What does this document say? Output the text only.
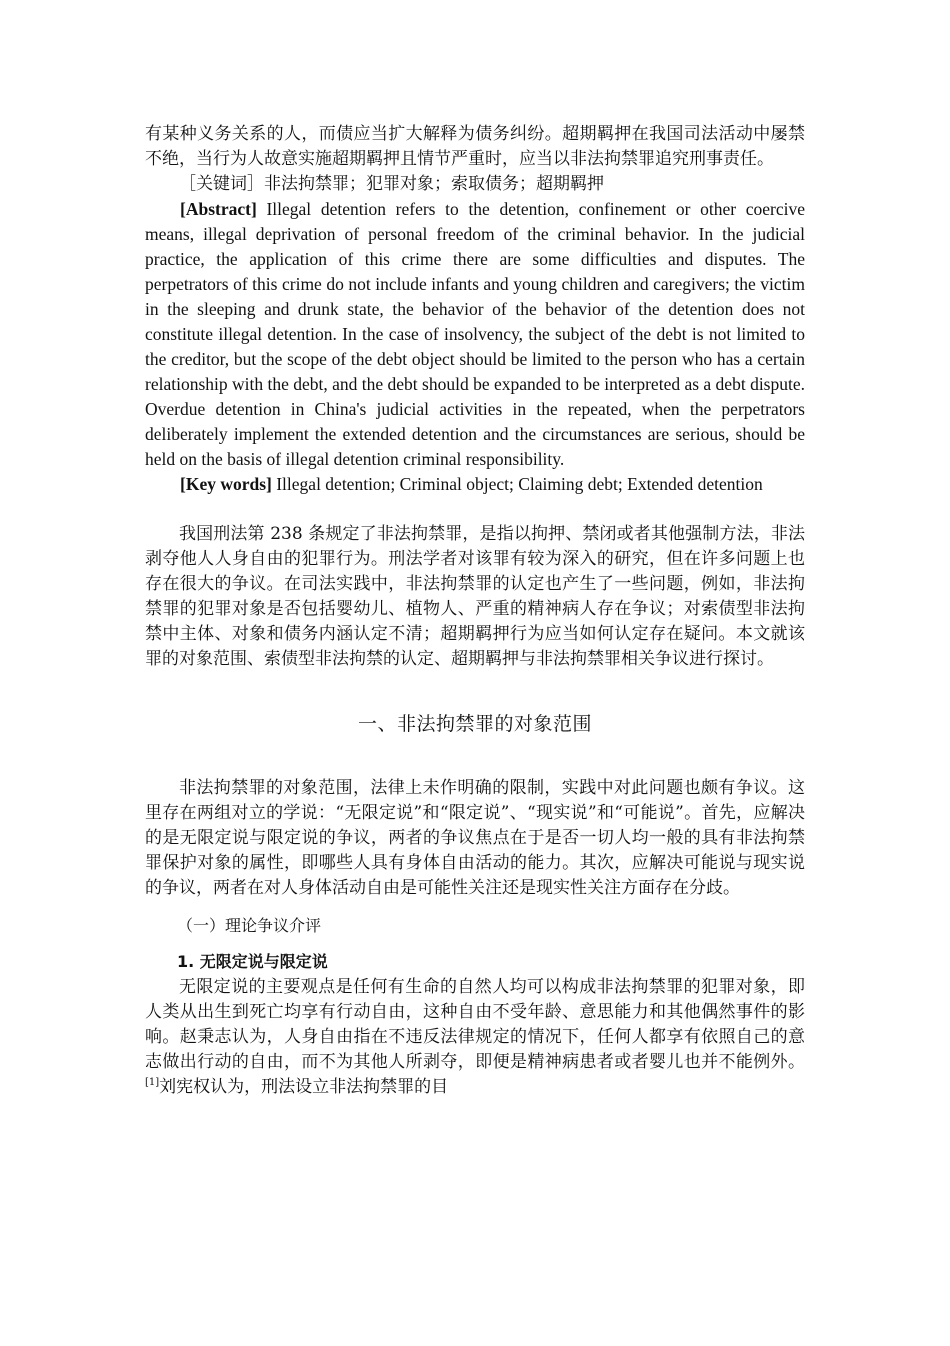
有某种义务关系的人，而债应当扩大解释为债务纠纷。超期羁押在我国司法活动中屡禁不绝，当行为人故意实施超期羁押且情节严重时，应当以非法拘禁罪追究刑事责任。

［关键词］非法拘禁罪；犯罪对象；索取债务；超期羁押

[Abstract] Illegal detention refers to the detention, confinement or other coercive means, illegal deprivation of personal freedom of the criminal behavior. In the judicial practice, the application of this crime there are some difficulties and disputes. The perpetrators of this crime do not include infants and young children and caregivers; the victim in the sleeping and drunk state, the behavior of the behavior of the detention does not constitute illegal detention. In the case of insolvency, the subject of the debt is not limited to the creditor, but the scope of the debt object should be limited to the person who has a certain relationship with the debt, and the debt should be expanded to be interpreted as a debt dispute. Overdue detention in China's judicial activities in the repeated, when the perpetrators deliberately implement the extended detention and the circumstances are serious, should be held on the basis of illegal detention criminal responsibility.

[Key words] Illegal detention; Criminal object; Claiming debt; Extended detention

我国刑法第 238 条规定了非法拘禁罪，是指以拘押、禁闭或者其他强制方法，非法剥夺他人人身自由的犯罪行为。刑法学者对该罪有较为深入的研究，但在许多问题上也存在很大的争议。在司法实践中，非法拘禁罪的认定也产生了一些问题，例如，非法拘禁罪的犯罪对象是否包括婴幼儿、植物人、严重的精神病人存在争议；对索债型非法拘禁中主体、对象和债务内涵认定不清；超期羁押行为应当如何认定存在疑问。本文就该罪的对象范围、索债型非法拘禁的认定、超期羁押与非法拘禁罪相关争议进行探讨。

一、非法拘禁罪的对象范围

非法拘禁罪的对象范围，法律上未作明确的限制，实践中对此问题也颇有争议。这里存在两组对立的学说：“无限定说”和“限定说”、“现实说”和“可能说”。首先，应解决的是无限定说与限定说的争议，两者的争议焦点在于是否一切人均一般的具有非法拘禁罪保护对象的属性，即哪些人具有身体自由活动的能力。其次，应解决可能说与现实说的争议，两者在对人身体活动自由是可能性关注还是现实性关注方面存在分歧。

（一）理论争议介评
1. 无限定说与限定说

无限定说的主要观点是任何有生命的自然人均可以构成非法拘禁罪的犯罪对象，即人类从出生到死亡均享有行动自由，这种自由不受年龄、意思能力和其他偶然事件的影响。赵秉志认为，人身自由指在不违反法律规定的情况下，任何人都享有依照自己的意志做出行动的自由，而不为其他人所剥夺，即便是精神病患者或者婴儿也并不能例外。[1]刘宪权认为，刑法设立非法拘禁罪的目
